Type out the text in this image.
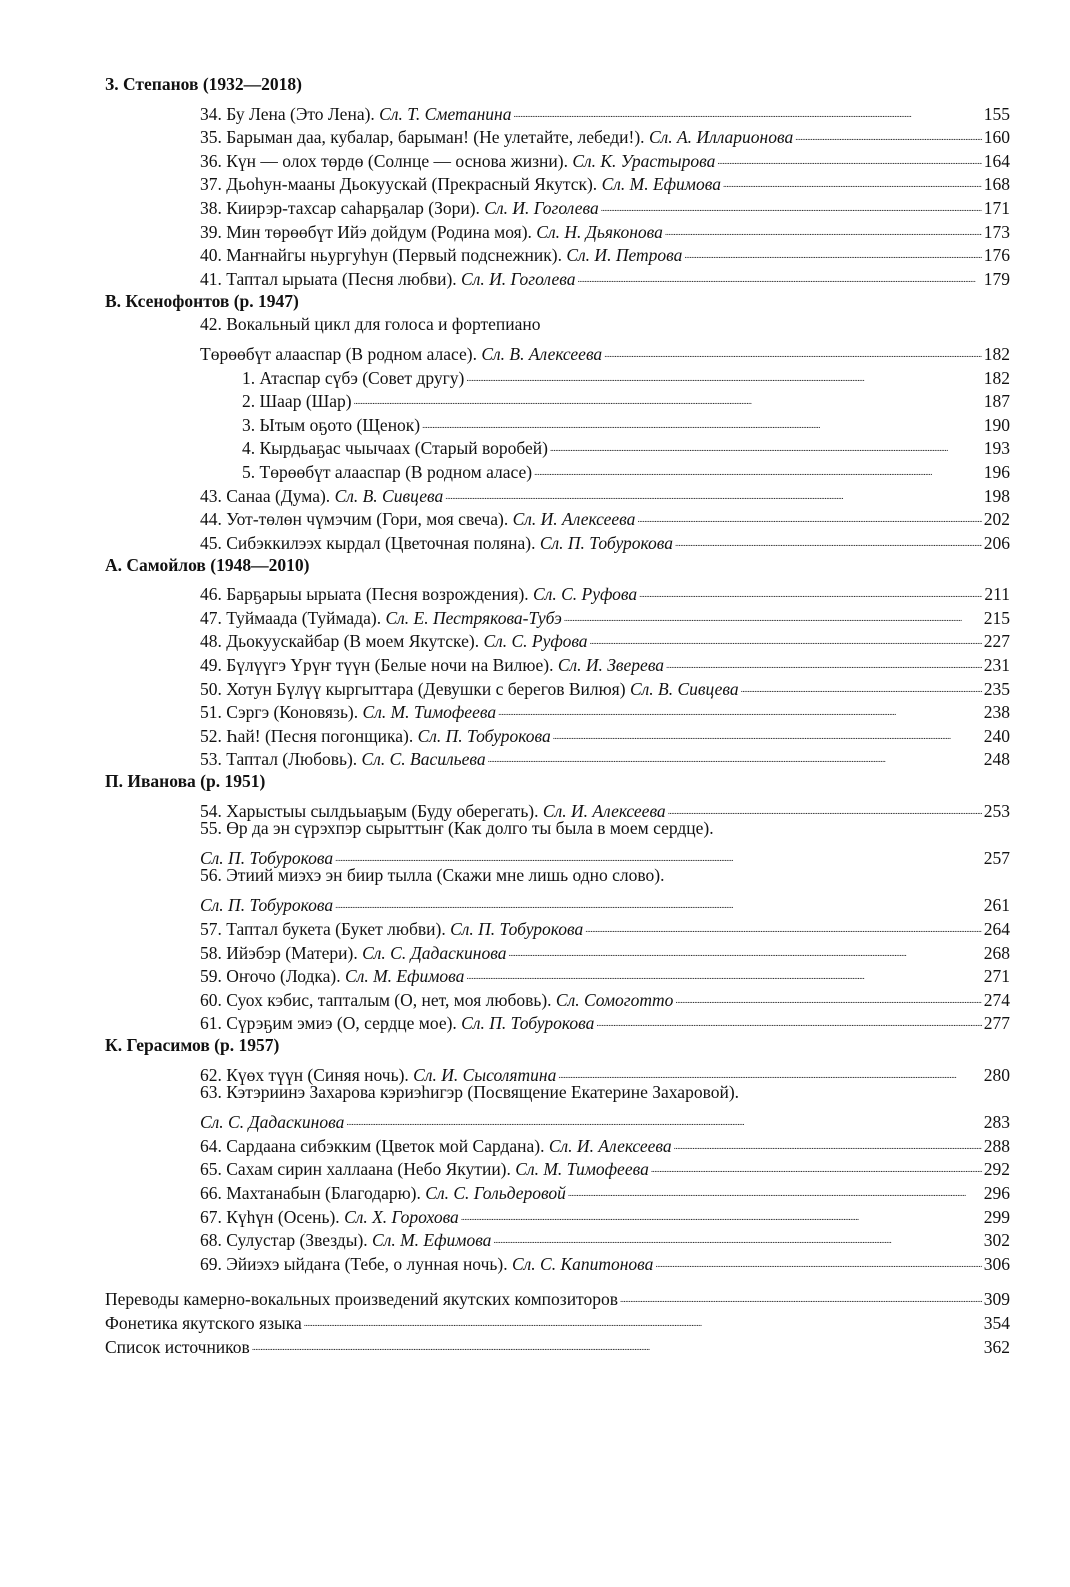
З. Степанов (1932—2018)
34. Бу Лена (Это Лена). Сл. Т. Сметанина . . .	155
35. Барыман даа, кубалар, барыман! (Не улетайте, лебеди!). Сл. А. Илларионова . . .	160
36. Күн — олох төрдө (Солнце — основа жизни). Сл. К. Урастырова . . .	164
37. Дьоһун-мааны Дьокуускай (Прекрасный Якутск). Сл. М. Ефимова . . .	168
38. Киирэр-тахсар саһарҕалар (Зори). Сл. И. Гоголева . . .	171
39. Мин төрөөбүт Ийэ дойдум (Родина моя). Сл. Н. Дьяконова . . .	173
40. Маҥнайгы ньургуһун (Первый подснежник). Сл. И. Петрова . . .	176
41. Таптал ырыата (Песня любви). Сл. И. Гоголева . . .	179
В. Ксенофонтов (р. 1947)
42. Вокальный цикл для голоса и фортепиано
Төрөөбүт алааспар (В родном аласе). Сл. В. Алексеева . . .	182
1. Атаспар сүбэ (Совет другу) . . .	182
2. Шаар (Шар) . . .	187
3. Ытым оҕото (Щенок) . . .	190
4. Кырдьаҕас чыычаах (Старый воробей) . . .	193
5. Төрөөбүт алааспар (В родном аласе) . . .	196
43. Санаа (Дума). Сл. В. Сивцева . . .	198
44. Уот-төлөн чүмэчим (Гори, моя свеча). Сл. И. Алексеева . . .	202
45. Сибэккилээх кырдал (Цветочная поляна). Сл. П. Тобурокова . . .	206
А. Самойлов (1948—2010)
46. Барҕарыы ырыата (Песня возрождения). Сл. С. Руфова . . .	211
47. Туймаада (Туймада). Сл. Е. Пестрякова-Тубэ . . .	215
48. Дьокуускайбар (В моем Якутске). Сл. С. Руфова . . .	227
49. Бүлүүгэ Үрүҥ түүн (Белые ночи на Вилюе). Сл. И. Зверева . . .	231
50. Хотун Бүлүү кыргыттара (Девушки с берегов Вилюя) Сл. В. Сивцева . . .	235
51. Сэргэ (Коновязь). Сл. М. Тимофеева . . .	238
52. Һай! (Песня погонщика). Сл. П. Тобурокова . . .	240
53. Таптал (Любовь). Сл. С. Васильева . . .	248
П. Иванова (р. 1951)
54. Харыстыы сылдьыаҕым (Буду оберегать). Сл. И. Алексеева . . .	253
55. Өр да эн сүрэхпэр сырыттыҥ (Как долго ты была в моем сердце).
Сл. П. Тобурокова . . .	257
56. Этиий миэхэ эн биир тылла (Скажи мне лишь одно слово).
Сл. П. Тобурокова . . .	261
57. Таптал букета (Букет любви). Сл. П. Тобурокова . . .	264
58. Ийэбэр (Матери). Сл. С. Дадаскинова . . .	268
59. Оҥочо (Лодка). Сл. М. Ефимова . . .	271
60. Суох кэбис, тапталым (О, нет, моя любовь). Сл. Сомоготто . . .	274
61. Сүрэҕим эмиэ (О, сердце мое). Сл. П. Тобурокова . . .	277
К. Герасимов (р. 1957)
62. Күөх түүн (Синяя ночь). Сл. И. Сысолятина . . .	280
63. Кэтэриинэ Захарова кэриэһигэр (Посвящение Екатерине Захаровой).
Сл. С. Дадаскинова . . .	283
64. Сардаана сибэкким (Цветок мой Сардана). Сл. И. Алексеева . . .	288
65. Сахам сирин халлаана (Небо Якутии). Сл. М. Тимофеева . . .	292
66. Махтанабын (Благодарю). Сл. С. Гольдеровой . . .	296
67. Күһүн (Осень). Сл. Х. Горохова . . .	299
68. Сулустар (Звезды). Сл. М. Ефимова . . .	302
69. Эйиэхэ ыйдаҥа (Тебе, о лунная ночь). Сл. С. Капитонова . . .	306
Переводы камерно-вокальных произведений якутских композиторов . . .	309
Фонетика якутского языка . . .	354
Список источников . . .	362
